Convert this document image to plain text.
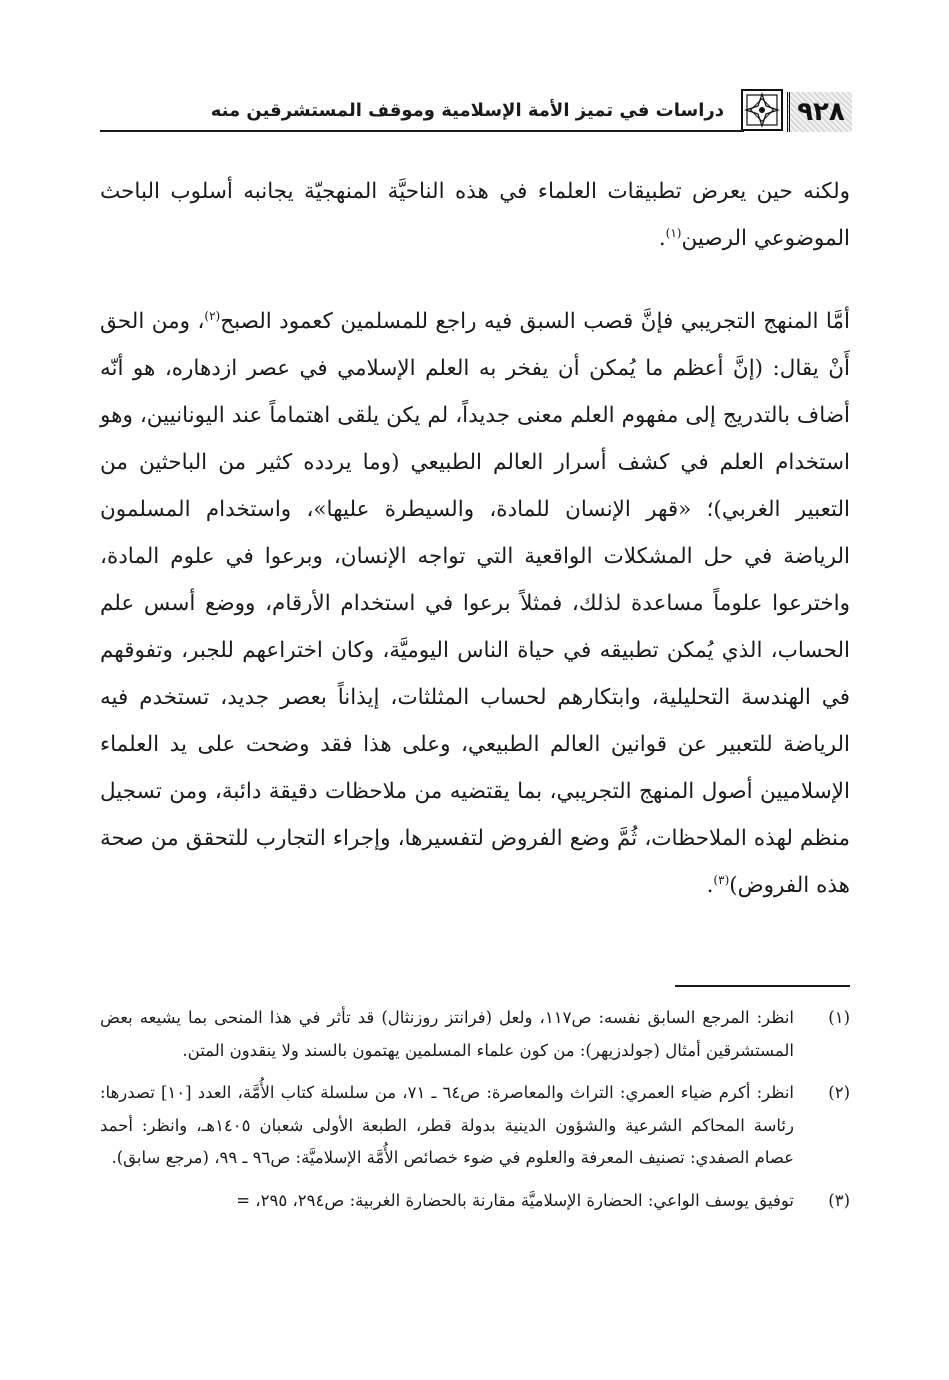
٩٢٨
دراسات في تميز الأمة الإسلامية وموقف المستشرقين منه

ولكنه حين يعرض تطبيقات العلماء في هذه الناحيَّة المنهجيّة يجانبه أسلوب الباحث الموضوعي الرصين$^{(١)}$.

أمَّا المنهج التجريبي فإنَّ قصب السبق فيه راجع للمسلمين كعمود الصبح$^{(٢)}$، ومن الحق أَنْ يقال: (إنَّ أعظم ما يُمكن أن يفخر به العلم الإسلامي في عصر ازدهاره، هو أنّه أضاف بالتدريج إلى مفهوم العلم معنى جديداً، لم يكن يلقى اهتماماً عند اليونانيين، وهو استخدام العلم في كشف أسرار العالم الطبيعي (وما يردده كثير من الباحثين من التعبير الغربي)؛ «قهر الإنسان للمادة، والسيطرة عليها»، واستخدام المسلمون الرياضة في حل المشكلات الواقعية التي تواجه الإنسان، وبرعوا في علوم المادة، واخترعوا علوماً مساعدة لذلك، فمثلاً برعوا في استخدام الأرقام، ووضع أسس علم الحساب، الذي يُمكن تطبيقه في حياة الناس اليوميَّة، وكان اختراعهم للجبر، وتفوقهم في الهندسة التحليلية، وابتكارهم لحساب المثلثات، إيذاناً بعصر جديد، تستخدم فيه الرياضة للتعبير عن قوانين العالم الطبيعي، وعلى هذا فقد وضحت على يد العلماء الإسلاميين أصول المنهج التجريبي، بما يقتضيه من ملاحظات دقيقة دائبة، ومن تسجيل منظم لهذه الملاحظات، ثُمَّ وضع الفروض لتفسيرها، وإجراء التجارب للتحقق من صحة هذه الفروض)$^{(٣)}$.

(١)
انظر: المرجع السابق نفسه: ص١١٧، ولعل (فرانتز روزنثال) قد تأثر في هذا المنحى بما يشيعه بعض المستشرقين أمثال (جولدزيهر): من كون علماء المسلمين يهتمون بالسند ولا ينقدون المتن.
(٢)
انظر: أكرم ضياء العمري: التراث والمعاصرة: ص٦٤ ـ ٧١، من سلسلة كتاب الأُمَّة، العدد [١٠] تصدرها: رئاسة المحاكم الشرعية والشؤون الدينية بدولة قطر، الطبعة الأولى شعبان ١٤٠٥هـ، وانظر: أحمد عصام الصفدي: تصنيف المعرفة والعلوم في ضوء خصائص الأُمَّة الإسلاميَّة: ص٩٦ ـ ٩٩، (مرجع سابق).
(٣)
توفيق يوسف الواعي: الحضارة الإسلاميَّة مقارنة بالحضارة الغربية: ص٢٩٤، ٢٩٥، =
